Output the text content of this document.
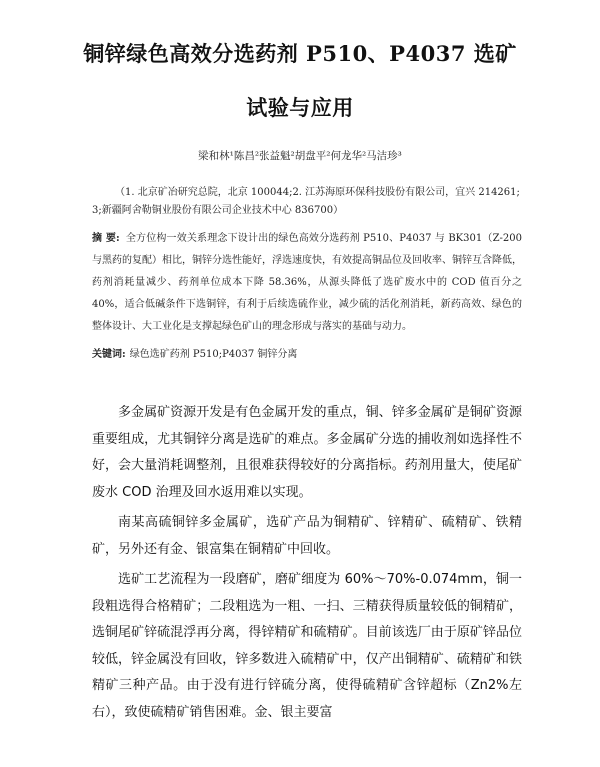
铜锌绿色高效分选药剂 P510、P4037 选矿
试验与应用
梁和林¹陈昌²张益魁²胡盘平²何龙华²马洁珍³
（1. 北京矿冶研究总院，北京 100044;2. 江苏海原环保科技股份有限公司，宜兴 214261;
3;新疆阿舍勒铜业股份有限公司企业技术中心 836700）
摘 要: 全方位构一效关系理念下设计出的绿色高效分选药剂 P510、P4037 与 BK301（Z-200 与黑药的复配）相比，铜锌分选性能好，浮选速度快，有效提高铜品位及回收率、铜锌互含降低，药剂消耗量减少、药剂单位成本下降 58.36%，从源头降低了选矿废水中的 COD 值百分之 40%，适合低碱条件下选铜锌，有利于后续选硫作业，减少硫的活化剂消耗，新药高效、绿色的整体设计、大工业化是支撑起绿色矿山的理念形成与落实的基础与动力。
关键词: 绿色选矿药剂 P510;P4037 铜锌分离
多金属矿资源开发是有色金属开发的重点，铜、锌多金属矿是铜矿资源重要组成，尤其铜锌分离是选矿的难点。多金属矿分选的捕收剂如选择性不好，会大量消耗调整剂，且很难获得较好的分离指标。药剂用量大，使尾矿废水 COD 治理及回水返用难以实现。
南某高硫铜锌多金属矿，选矿产品为铜精矿、锌精矿、硫精矿、铁精矿，另外还有金、银富集在铜精矿中回收。
选矿工艺流程为一段磨矿，磨矿细度为 60%～70%-0.074mm，铜一段粗选得合格精矿；二段粗选为一粗、一扫、三精获得质量较低的铜精矿，选铜尾矿锌硫混浮再分离，得锌精矿和硫精矿。目前该选厂由于原矿锌品位较低，锌金属没有回收，锌多数进入硫精矿中，仅产出铜精矿、硫精矿和铁精矿三种产品。由于没有进行锌硫分离，使得硫精矿含锌超标（Zn2%左右），致使硫精矿销售困难。金、银主要富
